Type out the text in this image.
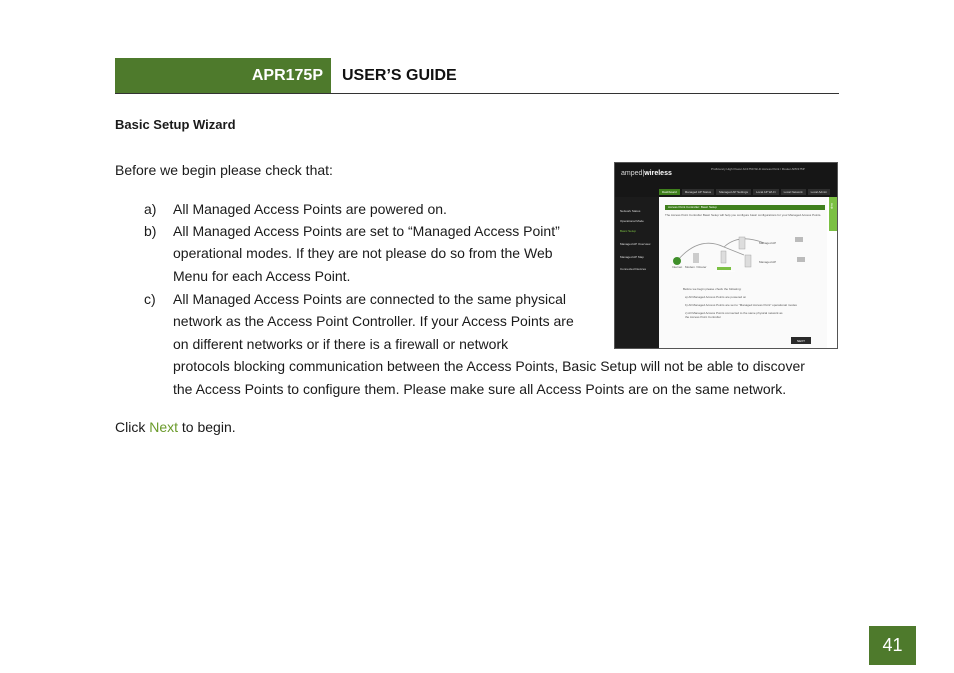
APR175P	USER’S GUIDE
Basic Setup Wizard
Before we begin please check that:
a) All Managed Access Points are powered on.
b) All Managed Access Points are set to “Managed Access Point”
operational modes. If they are not please do so from the Web
Menu for each Access Point.
c) All Managed Access Points are connected to the same physical
network as the Access Point Controller. If your Access Points are
on different networks or if there is a firewall or network
protocols blocking communication between the Access Points, Basic Setup will not be able to discover
the Access Points to configure them. Please make sure all Access Points are on the same network.
Click Next to begin.
amped|wireless
Proficiency High Power AC1750 Wi-Fi Access Point / Router APR175P
Dashboard	Managed AP Status	Managed AP Settings	Local AP Wi-Fi	Local Network	Local Admin
Network Status
Operational Mode
Basic Setup
Managed AP Overview
Managed AP Map
Connected Devices
Access Point Controller: Basic Setup
The Access Point Controller Basic Setup will help you configure basic configurations for your Managed Access Points.
Managed AP
Managed AP
Internet Modem / Router
AP Controller
Before we begin please check the following:
a) All Managed Access Points are powered on
b) All Managed Access Points are set to "Managed Access Point" operational modes
c) All Managed Access Points connected to the same physical network as the Access Point Controller
Help
NEXT
41
